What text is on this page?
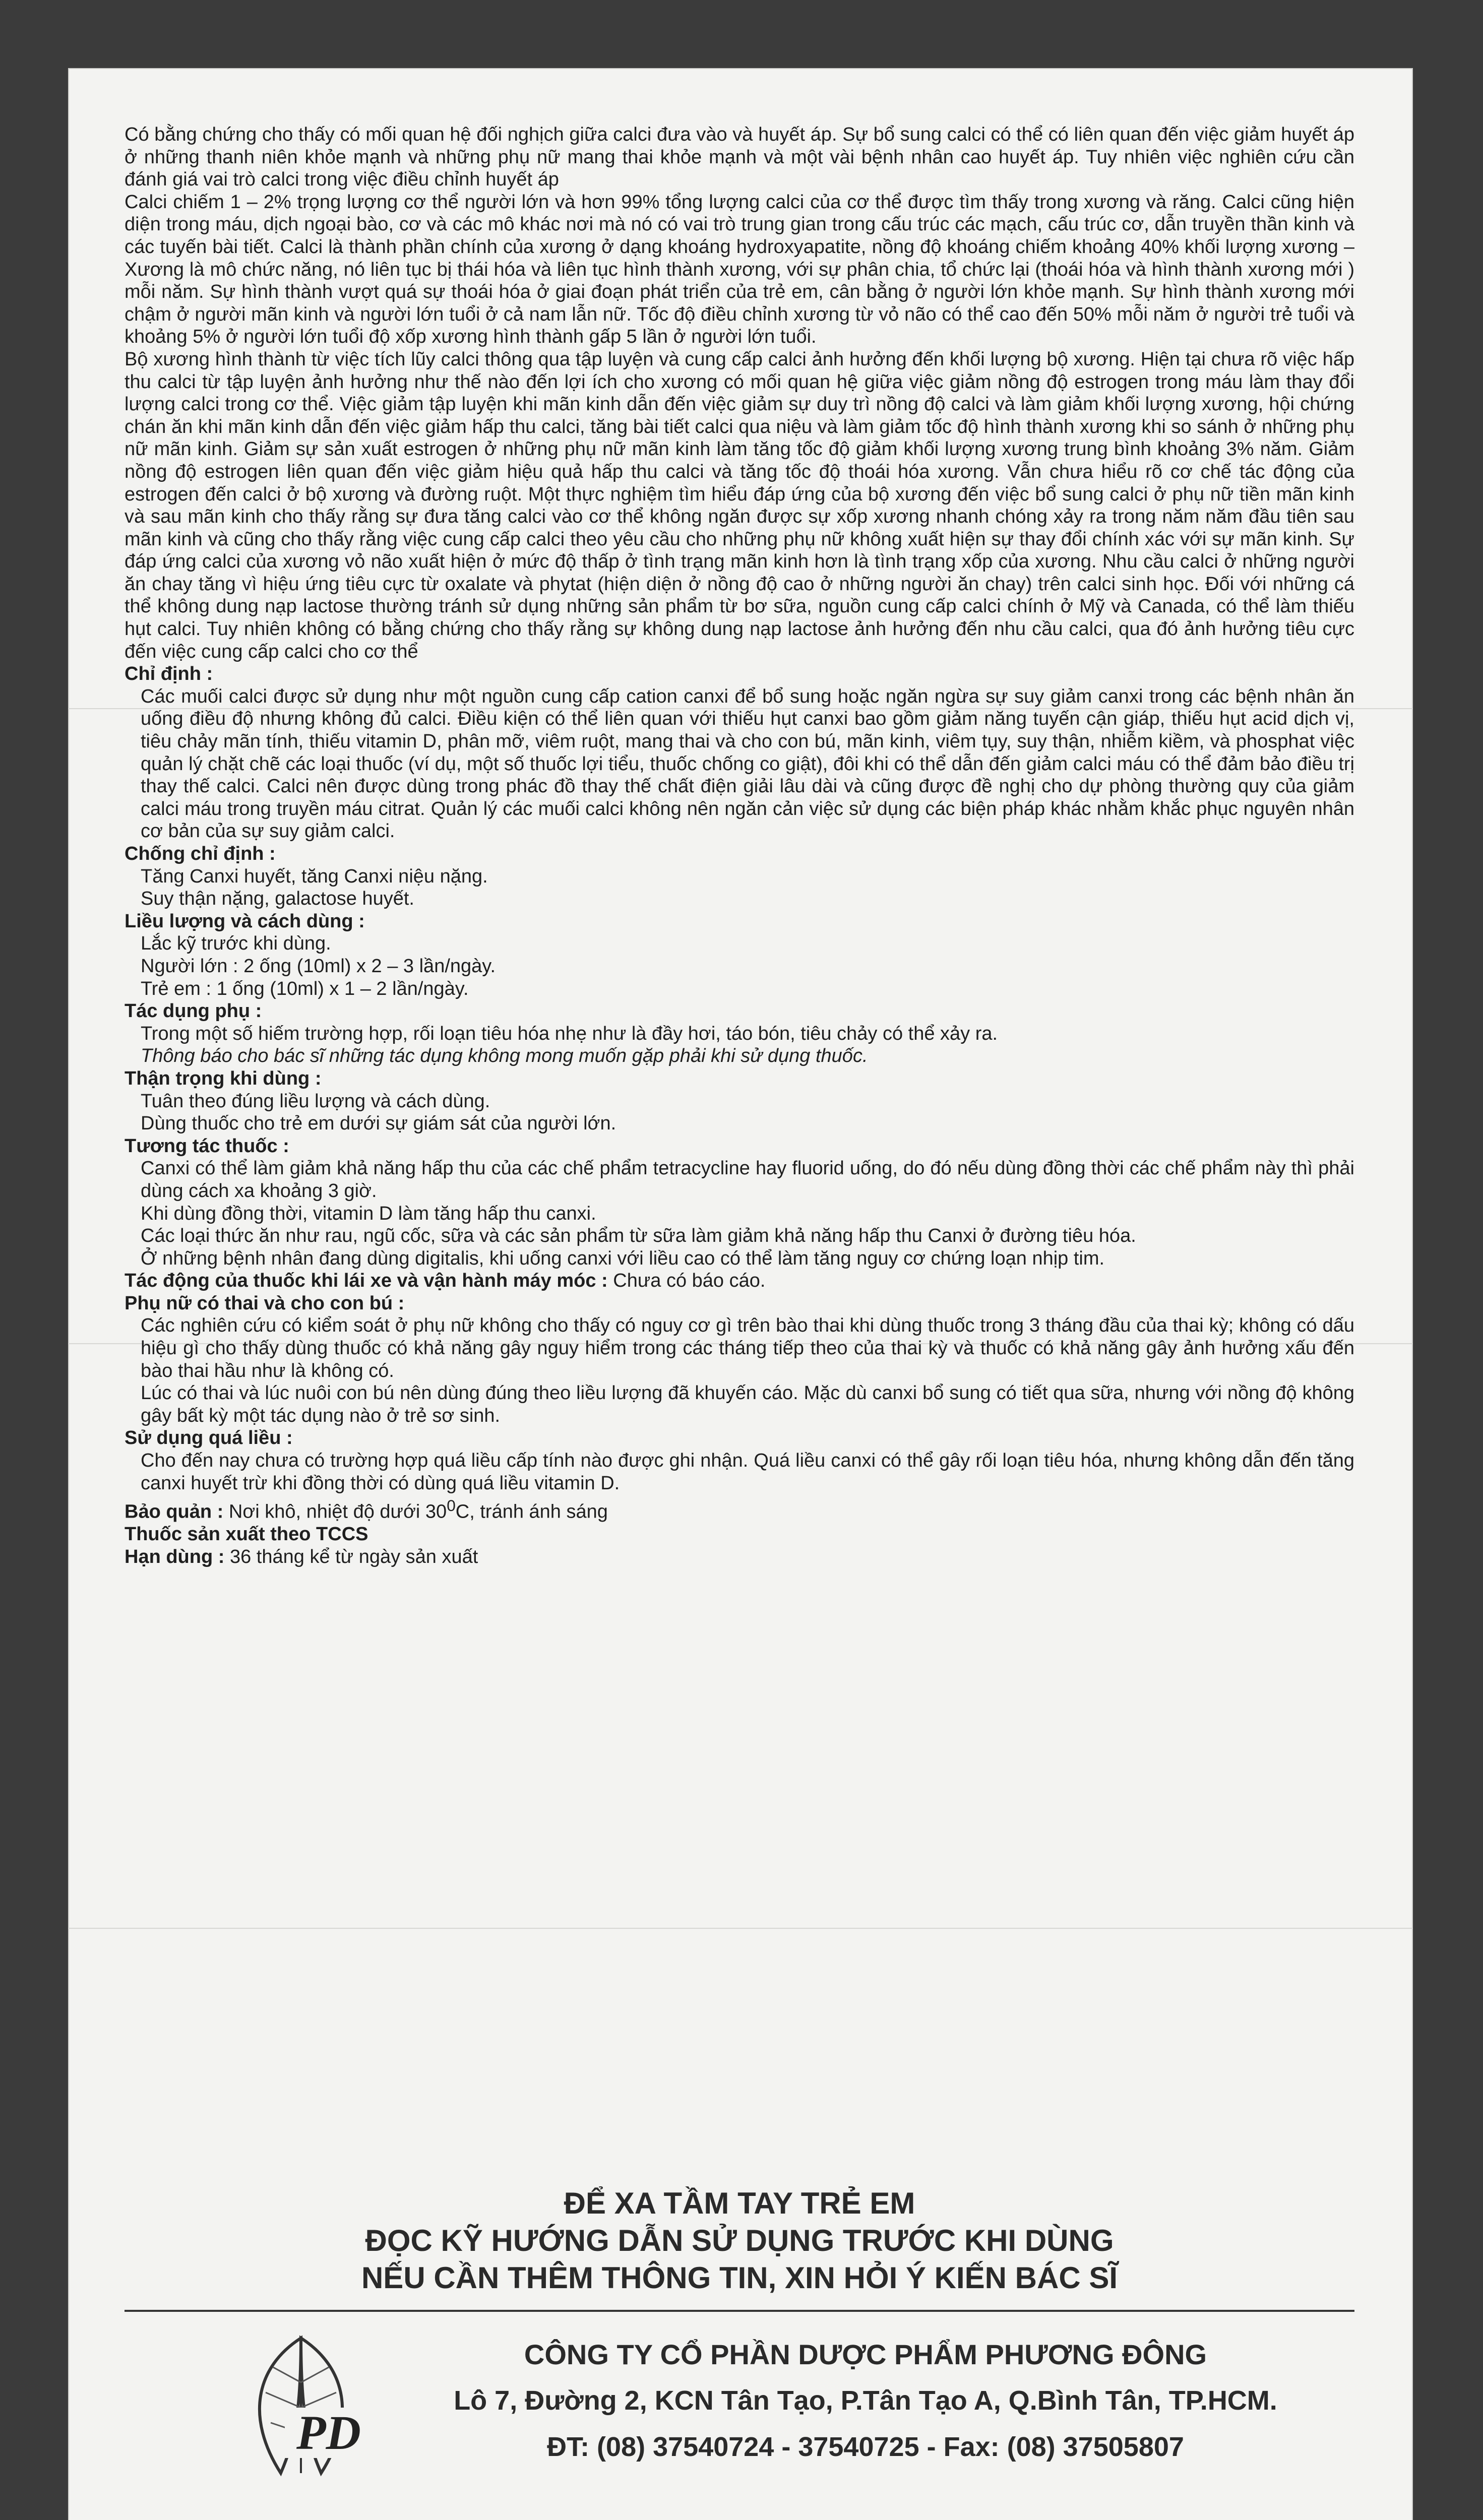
Có bằng chứng cho thấy có mối quan hệ đối nghịch giữa calci đưa vào và huyết áp. Sự bổ sung calci có thể có liên quan đến việc giảm huyết áp ở những thanh niên khỏe mạnh và những phụ nữ mang thai khỏe mạnh và một vài bệnh nhân cao huyết áp. Tuy nhiên việc nghiên cứu cần đánh giá vai trò calci trong việc điều chỉnh huyết áp

Calci chiếm 1 – 2% trọng lượng cơ thể người lớn và hơn 99% tổng lượng calci của cơ thể được tìm thấy trong xương và răng. Calci cũng hiện diện trong máu, dịch ngoại bào, cơ và các mô khác nơi mà nó có vai trò trung gian trong cấu trúc các mạch, cấu trúc cơ, dẫn truyền thần kinh và các tuyến bài tiết. Calci là thành phần chính của xương ở dạng khoáng hydroxyapatite, nồng độ khoáng chiếm khoảng 40% khối lượng xương – Xương là mô chức năng, nó liên tục bị thái hóa và liên tục hình thành xương, với sự phân chia, tổ chức lại (thoái hóa và hình thành xương mới ) mỗi năm. Sự hình thành vượt quá sự thoái hóa ở giai đoạn phát triển của trẻ em, cân bằng ở người lớn khỏe mạnh. Sự hình thành xương mới chậm ở người mãn kinh và người lớn tuổi ở cả nam lẫn nữ. Tốc độ điều chỉnh xương từ vỏ não có thể cao đến 50% mỗi năm ở người trẻ tuổi và khoảng 5% ở người lớn tuổi độ xốp xương hình thành gấp 5 lần ở người lớn tuổi.

Bộ xương hình thành từ việc tích lũy calci thông qua tập luyện và cung cấp calci ảnh hưởng đến khối lượng bộ xương. Hiện tại chưa rõ việc hấp thu calci từ tập luyện ảnh hưởng như thế nào đến lợi ích cho xương có mối quan hệ giữa việc giảm nồng độ estrogen trong máu làm thay đổi lượng calci trong cơ thể. Việc giảm tập luyện khi mãn kinh dẫn đến việc giảm sự duy trì nồng độ calci và làm giảm khối lượng xương, hội chứng chán ăn khi mãn kinh dẫn đến việc giảm hấp thu calci, tăng bài tiết calci qua niệu và làm giảm tốc độ hình thành xương khi so sánh ở những phụ nữ mãn kinh. Giảm sự sản xuất estrogen ở những phụ nữ mãn kinh làm tăng tốc độ giảm khối lượng xương trung bình khoảng 3% năm. Giảm nồng độ estrogen liên quan đến việc giảm hiệu quả hấp thu calci và tăng tốc độ thoái hóa xương. Vẫn chưa hiểu rõ cơ chế tác động của estrogen đến calci ở bộ xương và đường ruột. Một thực nghiệm tìm hiểu đáp ứng của bộ xương đến việc bổ sung calci ở phụ nữ tiền mãn kinh và sau mãn kinh cho thấy rằng sự đưa tăng calci vào cơ thể không ngăn được sự xốp xương nhanh chóng xảy ra trong năm năm đầu tiên sau mãn kinh và cũng cho thấy rằng việc cung cấp calci theo yêu cầu cho những phụ nữ không xuất hiện sự thay đổi chính xác với sự mãn kinh. Sự đáp ứng calci của xương vỏ não xuất hiện ở mức độ thấp ở tình trạng mãn kinh hơn là tình trạng xốp của xương. Nhu cầu calci ở những người ăn chay tăng vì hiệu ứng tiêu cực từ oxalate và phytat (hiện diện ở nồng độ cao ở những người ăn chay) trên calci sinh học. Đối với những cá thể không dung nạp lactose thường tránh sử dụng những sản phẩm từ bơ sữa, nguồn cung cấp calci chính ở Mỹ và Canada, có thể làm thiếu hụt calci. Tuy nhiên không có bằng chứng cho thấy rằng sự không dung nạp lactose ảnh hưởng đến nhu cầu calci, qua đó ảnh hưởng tiêu cực đến việc cung cấp calci cho cơ thể

Chỉ định :

Các muối calci được sử dụng như một nguồn cung cấp cation canxi để bổ sung hoặc ngăn ngừa sự suy giảm canxi trong các bệnh nhân ăn uống điều độ nhưng không đủ calci. Điều kiện có thể liên quan với thiếu hụt canxi bao gồm giảm năng tuyến cận giáp, thiếu hụt acid dịch vị, tiêu chảy mãn tính, thiếu vitamin D, phân mỡ, viêm ruột, mang thai và cho con bú, mãn kinh, viêm tụy, suy thận, nhiễm kiềm, và phosphat việc quản lý chặt chẽ các loại thuốc (ví dụ, một số thuốc lợi tiểu, thuốc chống co giật), đôi khi có thể dẫn đến giảm calci máu có thể đảm bảo điều trị thay thế calci. Calci nên được dùng trong phác đồ thay thế chất điện giải lâu dài và cũng được đề nghị cho dự phòng thường quy của giảm calci máu trong truyền máu citrat. Quản lý các muối calci không nên ngăn cản việc sử dụng các biện pháp khác nhằm khắc phục nguyên nhân cơ bản của sự suy giảm calci.

Chống chỉ định :

Tăng Canxi huyết, tăng Canxi niệu nặng.

Suy thận nặng, galactose huyết.

Liều lượng và cách dùng :

Lắc kỹ trước khi dùng.

Người lớn : 2 ống (10ml) x 2 – 3 lần/ngày.

Trẻ em : 1 ống (10ml) x 1 – 2 lần/ngày.

Tác dụng phụ :

Trong một số hiếm trường hợp, rối loạn tiêu hóa nhẹ như là đầy hơi, táo bón, tiêu chảy có thể xảy ra.

Thông báo cho bác sĩ những tác dụng không mong muốn gặp phải khi sử dụng thuốc.

Thận trọng khi dùng :

Tuân theo đúng liều lượng và cách dùng.

Dùng thuốc cho trẻ em dưới sự giám sát của người lớn.

Tương tác thuốc :

Canxi có thể làm giảm khả năng hấp thu của các chế phẩm tetracycline hay fluorid uống, do đó nếu dùng đồng thời các chế phẩm này thì phải dùng cách xa khoảng 3 giờ.

Khi dùng đồng thời, vitamin D làm tăng hấp thu canxi.

Các loại thức ăn như rau, ngũ cốc, sữa và các sản phẩm từ sữa làm giảm khả năng hấp thu Canxi ở đường tiêu hóa.

Ở những bệnh nhân đang dùng digitalis, khi uống canxi với liều cao có thể làm tăng nguy cơ chứng loạn nhịp tim.

Tác động của thuốc khi lái xe và vận hành máy móc : Chưa có báo cáo.

Phụ nữ có thai và cho con bú :

Các nghiên cứu có kiểm soát ở phụ nữ không cho thấy có nguy cơ gì trên bào thai khi dùng thuốc trong 3 tháng đầu của thai kỳ; không có dấu hiệu gì cho thấy dùng thuốc có khả năng gây nguy hiểm trong các tháng tiếp theo của thai kỳ và thuốc có khả năng gây ảnh hưởng xấu đến bào thai hầu như là không có.

Lúc có thai và lúc nuôi con bú nên dùng đúng theo liều lượng đã khuyến cáo. Mặc dù canxi bổ sung có tiết qua sữa, nhưng với nồng độ không gây bất kỳ một tác dụng nào ở trẻ sơ sinh.

Sử dụng quá liều :

Cho đến nay chưa có trường hợp quá liều cấp tính nào được ghi nhận. Quá liều canxi có thể gây rối loạn tiêu hóa, nhưng không dẫn đến tăng canxi huyết trừ khi đồng thời có dùng quá liều vitamin D.

Bảo quản : Nơi khô, nhiệt độ dưới $30^0C$, tránh ánh sáng

Thuốc sản xuất theo TCCS

Hạn dùng : 36 tháng kể từ ngày sản xuất

ĐỂ XA TẦM TAY TRẺ EM
ĐỌC KỸ HƯỚNG DẪN SỬ DỤNG TRƯỚC KHI DÙNG
NẾU CẦN THÊM THÔNG TIN, XIN HỎI Ý KIẾN BÁC SĨ
PD
CÔNG TY CỔ PHẦN DƯỢC PHẨM PHƯƠNG ĐÔNG
Lô 7, Đường 2, KCN Tân Tạo, P.Tân Tạo A, Q.Bình Tân, TP.HCM.
ĐT: (08) 37540724 - 37540725 - Fax: (08) 37505807
